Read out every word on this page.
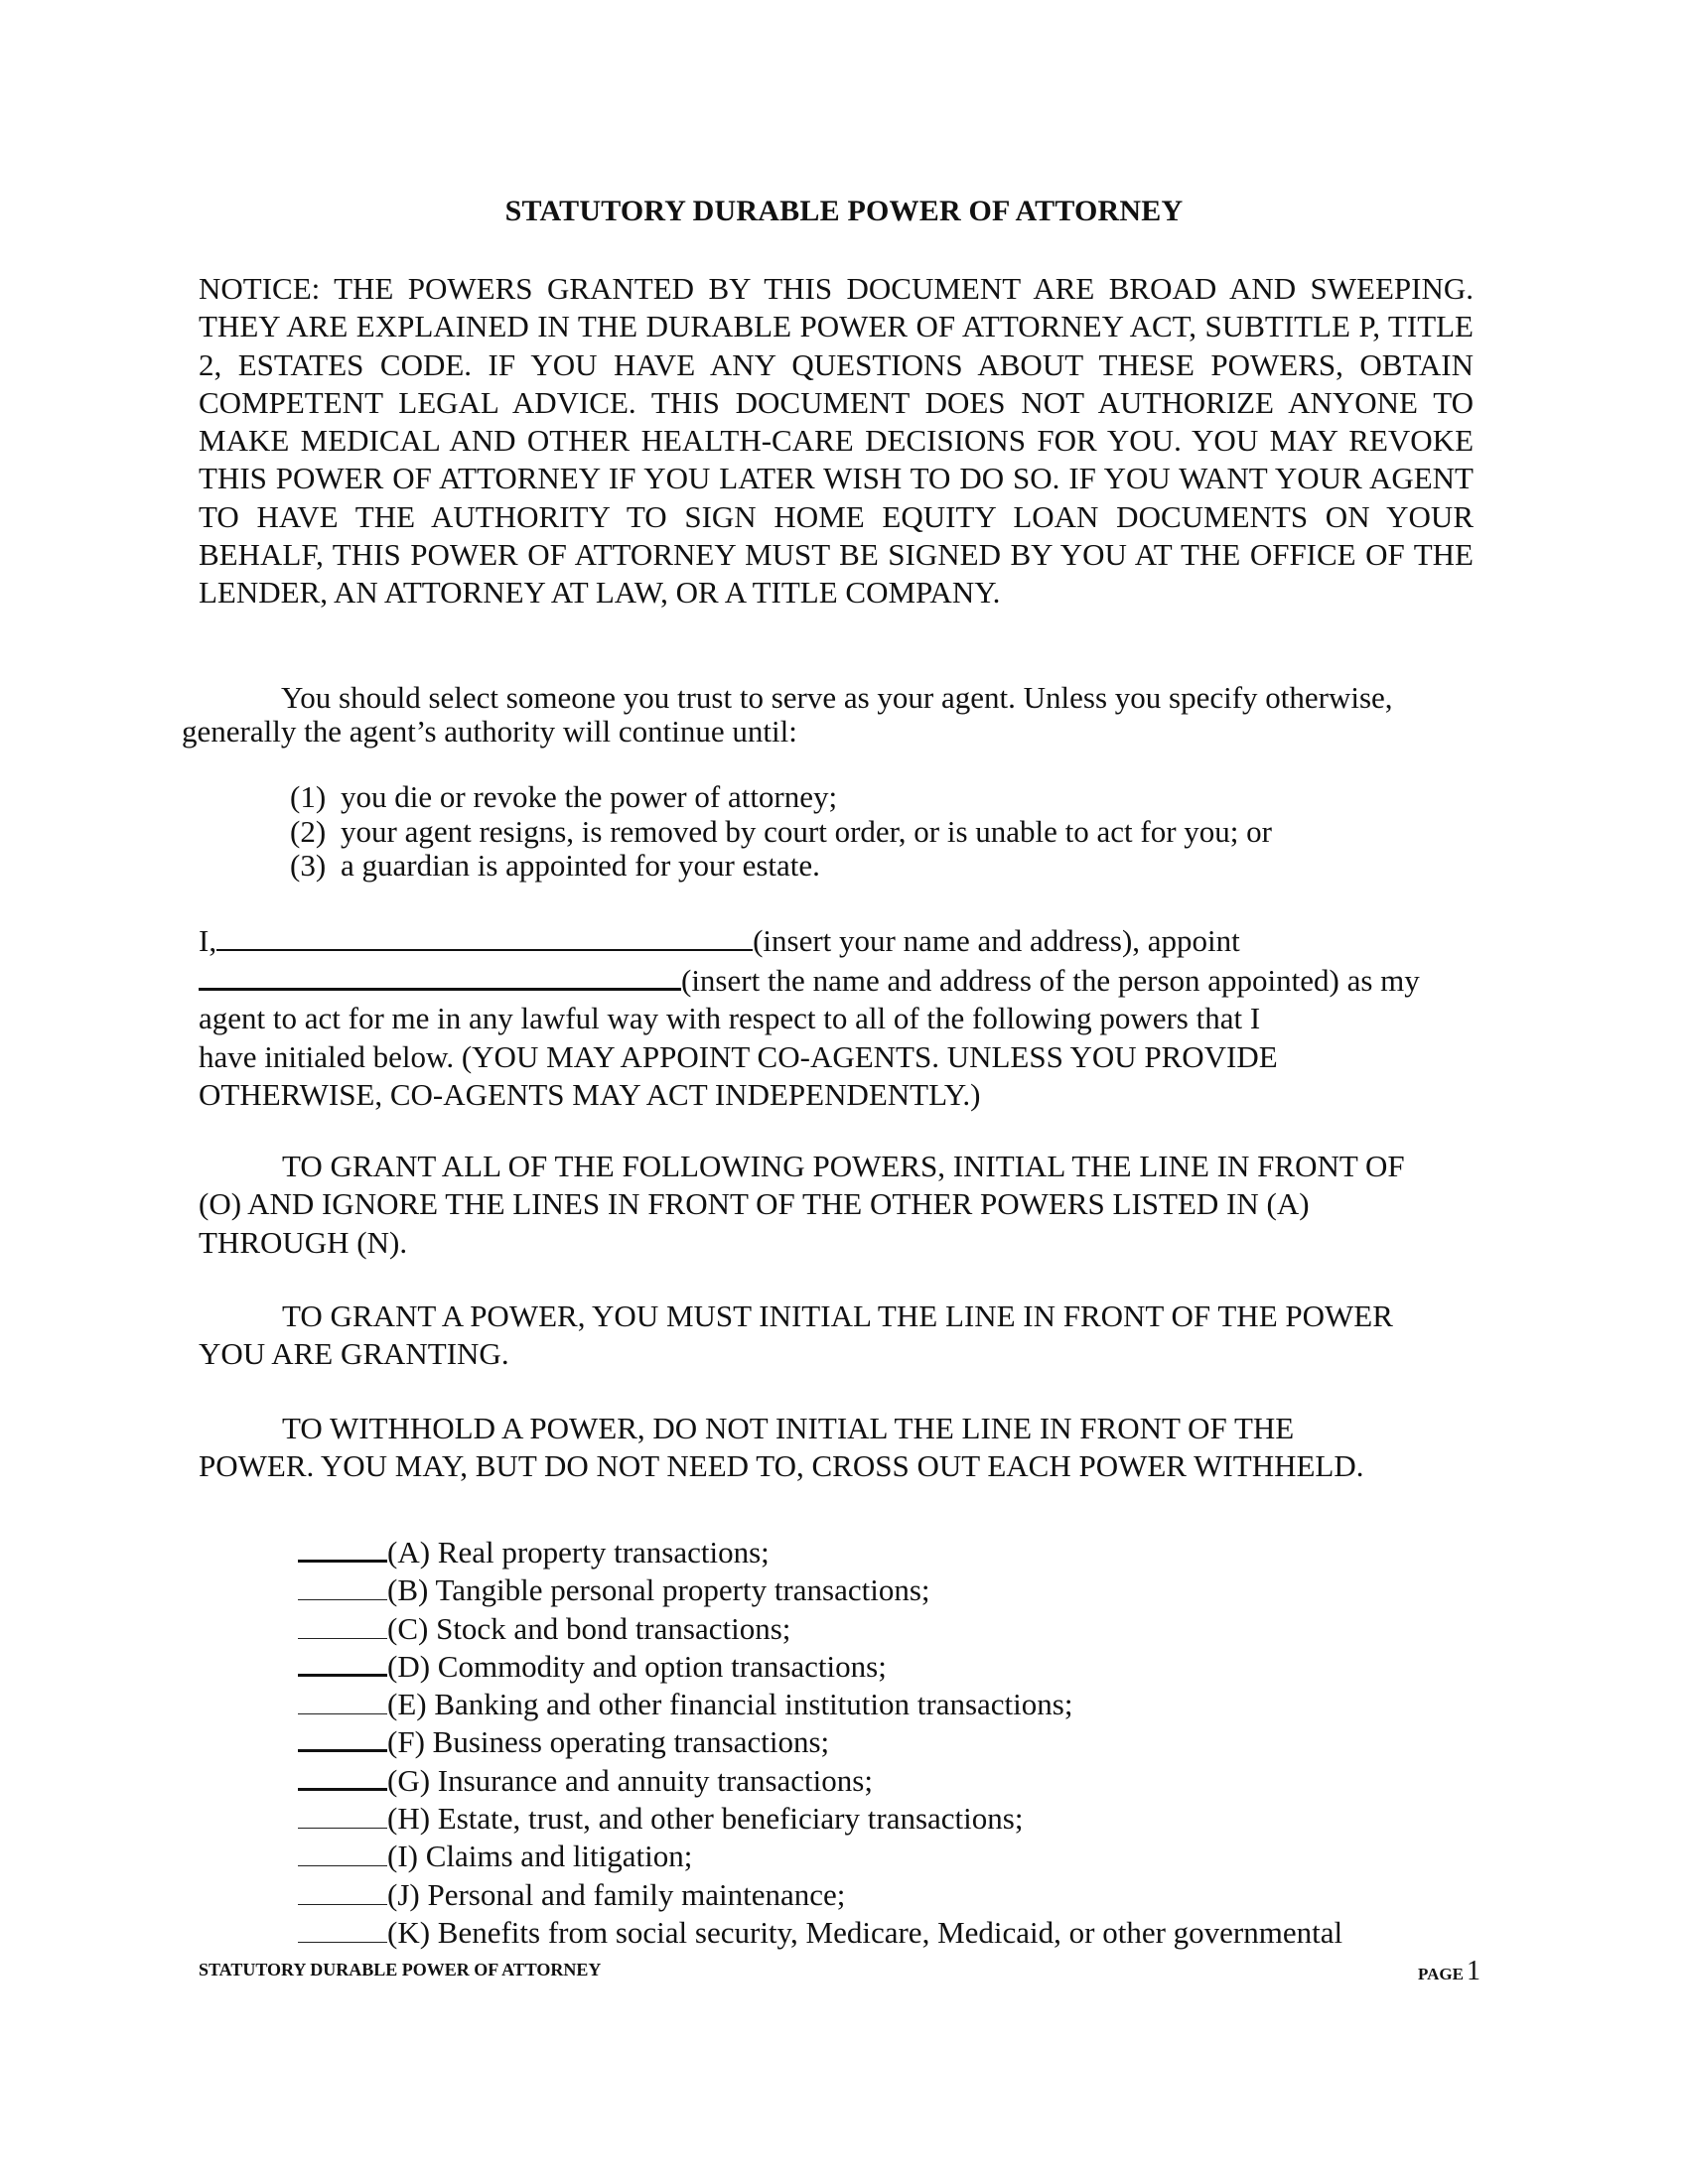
STATUTORY DURABLE POWER OF ATTORNEY
NOTICE: THE POWERS GRANTED BY THIS DOCUMENT ARE BROAD AND SWEEPING. THEY ARE EXPLAINED IN THE DURABLE POWER OF ATTORNEY ACT, SUBTITLE P, TITLE 2, ESTATES CODE. IF YOU HAVE ANY QUESTIONS ABOUT THESE POWERS, OBTAIN COMPETENT LEGAL ADVICE. THIS DOCUMENT DOES NOT AUTHORIZE ANYONE TO MAKE MEDICAL AND OTHER HEALTH-CARE DECISIONS FOR YOU. YOU MAY REVOKE THIS POWER OF ATTORNEY IF YOU LATER WISH TO DO SO. IF YOU WANT YOUR AGENT TO HAVE THE AUTHORITY TO SIGN HOME EQUITY LOAN DOCUMENTS ON YOUR BEHALF, THIS POWER OF ATTORNEY MUST BE SIGNED BY YOU AT THE OFFICE OF THE LENDER, AN ATTORNEY AT LAW, OR A TITLE COMPANY.
You should select someone you trust to serve as your agent. Unless you specify otherwise, generally the agent’s authority will continue until:
(1) you die or revoke the power of attorney;
(2) your agent resigns, is removed by court order, or is unable to act for you; or
(3) a guardian is appointed for your estate.
I,	(insert your name and address), appoint
(insert the name and address of the person appointed) as my
agent to act for me in any lawful way with respect to all of the following powers that I
have initialed below. (YOU MAY APPOINT CO-AGENTS. UNLESS YOU PROVIDE
OTHERWISE, CO-AGENTS MAY ACT INDEPENDENTLY.)
TO GRANT ALL OF THE FOLLOWING POWERS, INITIAL THE LINE IN FRONT OF
(O) AND IGNORE THE LINES IN FRONT OF THE OTHER POWERS LISTED IN (A)
THROUGH (N).
TO GRANT A POWER, YOU MUST INITIAL THE LINE IN FRONT OF THE POWER
YOU ARE GRANTING.
TO WITHHOLD A POWER, DO NOT INITIAL THE LINE IN FRONT OF THE
POWER. YOU MAY, BUT DO NOT NEED TO, CROSS OUT EACH POWER WITHHELD.
(A) Real property transactions;
(B) Tangible personal property transactions;
(C) Stock and bond transactions;
(D) Commodity and option transactions;
(E) Banking and other financial institution transactions;
(F) Business operating transactions;
(G) Insurance and annuity transactions;
(H) Estate, trust, and other beneficiary transactions;
(I) Claims and litigation;
(J) Personal and family maintenance;
(K) Benefits from social security, Medicare, Medicaid, or other governmental
STATUTORY DURABLE POWER OF ATTORNEY	PAGE 1
